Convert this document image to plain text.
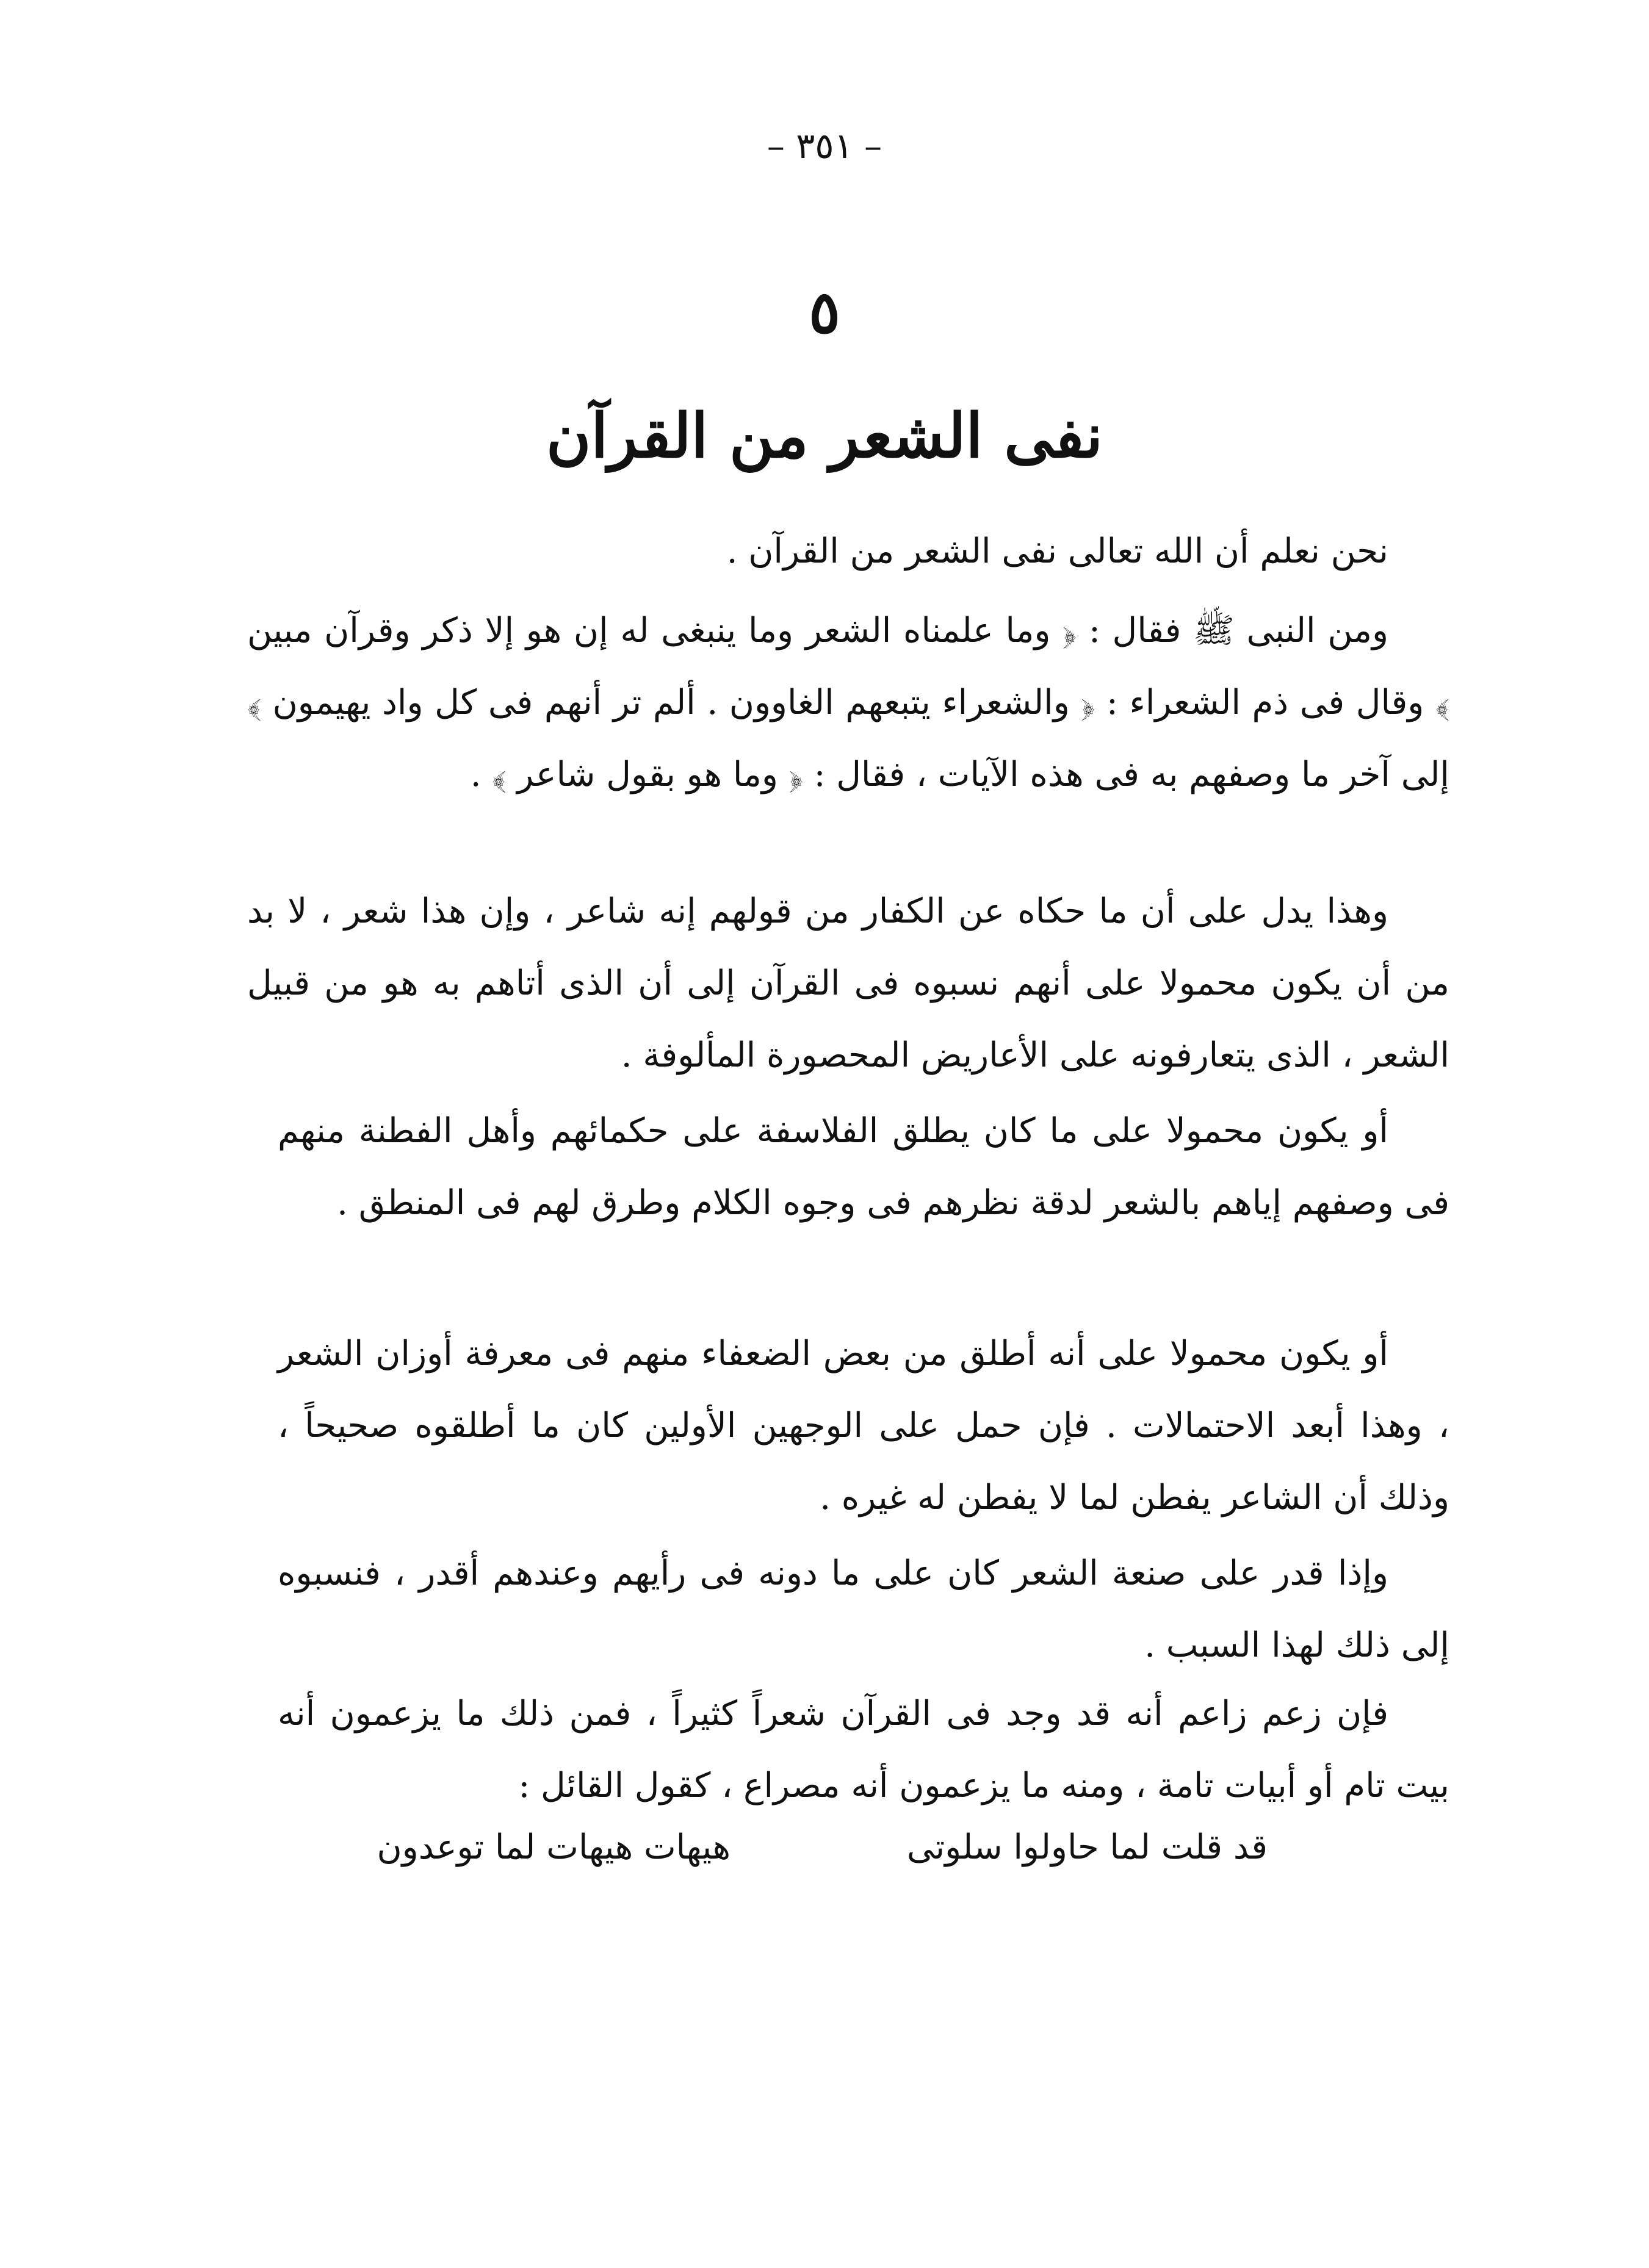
– ٣٥١ –
٥
نفى الشعر من القرآن

نحن نعلم أن الله تعالى نفى الشعر من القرآن .

ومن النبى ﷺ فقال : ﴿ وما علمناه الشعر وما ينبغى له إن هو إلا ذكر وقرآن مبين ﴾ وقال فى ذم الشعراء : ﴿ والشعراء يتبعهم الغاوون . ألم تر أنهم فى كل واد يهيمون ﴾ إلى آخر ما وصفهم به فى هذه الآيات ، فقال : ﴿ وما هو بقول شاعر ﴾ .

وهذا يدل على أن ما حكاه عن الكفار من قولهم إنه شاعر ، وإن هذا شعر ، لا بد من أن يكون محمولا على أنهم نسبوه فى القرآن إلى أن الذى أتاهم به هو من قبيل الشعر ، الذى يتعارفونه على الأعاريض المحصورة المألوفة .

أو يكون محمولا على ما كان يطلق الفلاسفة على حكمائهم وأهل الفطنة منهم فى وصفهم إياهم بالشعر لدقة نظرهم فى وجوه الكلام وطرق لهم فى المنطق .

أو يكون محمولا على أنه أطلق من بعض الضعفاء منهم فى معرفة أوزان الشعر ، وهذا أبعد الاحتمالات . فإن حمل على الوجهين الأولين كان ما أطلقوه صحيحاً ، وذلك أن الشاعر يفطن لما لا يفطن له غيره .

وإذا قدر على صنعة الشعر كان على ما دونه فى رأيهم وعندهم أقدر ، فنسبوه إلى ذلك لهذا السبب .

فإن زعم زاعم أنه قد وجد فى القرآن شعراً كثيراً ، فمن ذلك ما يزعمون أنه بيت تام أو أبيات تامة ، ومنه ما يزعمون أنه مصراع ، كقول القائل :

قد قلت لما حاولوا سلوتى
هيهات هيهات لما توعدون
